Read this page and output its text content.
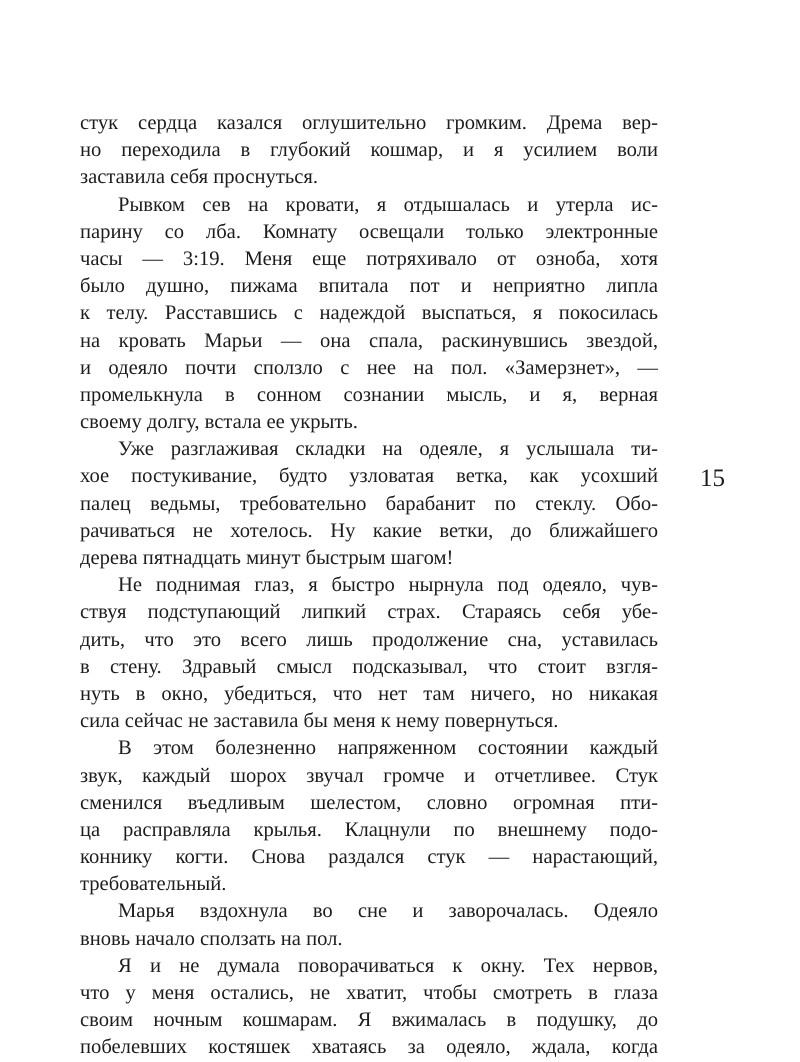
стук сердца казался оглушительно громким. Дрема вер-
но переходила в глубокий кошмар, и я усилием воли
заставила себя проснуться.
Рывком сев на кровати, я отдышалась и утерла ис-
парину со лба. Комнату освещали только электронные
часы — 3:19. Меня еще потряхивало от озноба, хотя
было душно, пижама впитала пот и неприятно липла
к телу. Расставшись с надеждой выспаться, я покосилась
на кровать Марьи — она спала, раскинувшись звездой,
и одеяло почти сползло с нее на пол. «Замерзнет», —
промелькнула в сонном сознании мысль, и я, верная
своему долгу, встала ее укрыть.
Уже разглаживая складки на одеяле, я услышала ти-
хое постукивание, будто узловатая ветка, как усохший
палец ведьмы, требовательно барабанит по стеклу. Обо-
рачиваться не хотелось. Ну какие ветки, до ближайшего
дерева пятнадцать минут быстрым шагом!
Не поднимая глаз, я быстро нырнула под одеяло, чув-
ствуя подступающий липкий страх. Стараясь себя убе-
дить, что это всего лишь продолжение сна, уставилась
в стену. Здравый смысл подсказывал, что стоит взгля-
нуть в окно, убедиться, что нет там ничего, но никакая
сила сейчас не заставила бы меня к нему повернуться.
В этом болезненно напряженном состоянии каждый
звук, каждый шорох звучал громче и отчетливее. Стук
сменился въедливым шелестом, словно огромная пти-
ца расправляла крылья. Клацнули по внешнему подо-
коннику когти. Снова раздался стук — нарастающий,
требовательный.
Марья вздохнула во сне и заворочалась. Одеяло
вновь начало сползать на пол.
Я и не думала поворачиваться к окну. Тех нервов,
что у меня остались, не хватит, чтобы смотреть в глаза
своим ночным кошмарам. Я вжималась в подушку, до
побелевших костяшек хватаясь за одеяло, ждала, когда
15
